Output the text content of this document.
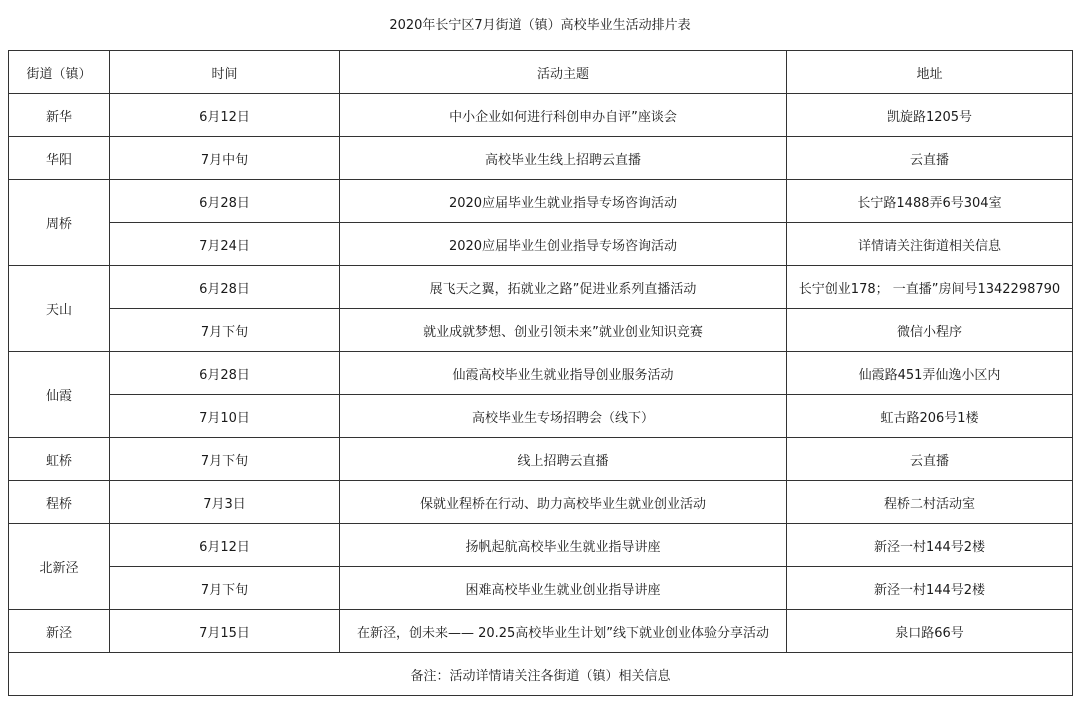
2020年长宁区7月街道（镇）高校毕业生活动排片表
街道（镇）	时间	活动主题	地址
新华	6月12日	中小企业如何进行科创申办自评”座谈会	凯旋路1205号
华阳	7月中旬	高校毕业生线上招聘云直播	云直播
周桥	6月28日	2020应届毕业生就业指导专场咨询活动	长宁路1488弄6号304室
	7月24日	2020应届毕业生创业指导专场咨询活动	详情请关注街道相关信息
天山	6月28日	展飞天之翼，拓就业之路”促进业系列直播活动	长宁创业178； 一直播”房间号1342298790
	7月下旬	就业成就梦想、创业引领未来”就业创业知识竞赛	微信小程序
仙霞	6月28日	仙霞高校毕业生就业指导创业服务活动	仙霞路451弄仙逸小区内
	7月10日	高校毕业生专场招聘会（线下）	虹古路206号1楼
虹桥	7月下旬	线上招聘云直播	云直播
程桥	7月3日	保就业程桥在行动、助力高校毕业生就业创业活动	程桥二村活动室
北新泾	6月12日	扬帆起航高校毕业生就业指导讲座	新泾一村144号2楼
	7月下旬	困难高校毕业生就业创业指导讲座	新泾一村144号2楼
新泾	7月15日	在新泾，创未来—— 20.25高校毕业生计划”线下就业创业体验分享活动	泉口路66号
备注：活动详情请关注各街道（镇）相关信息			
